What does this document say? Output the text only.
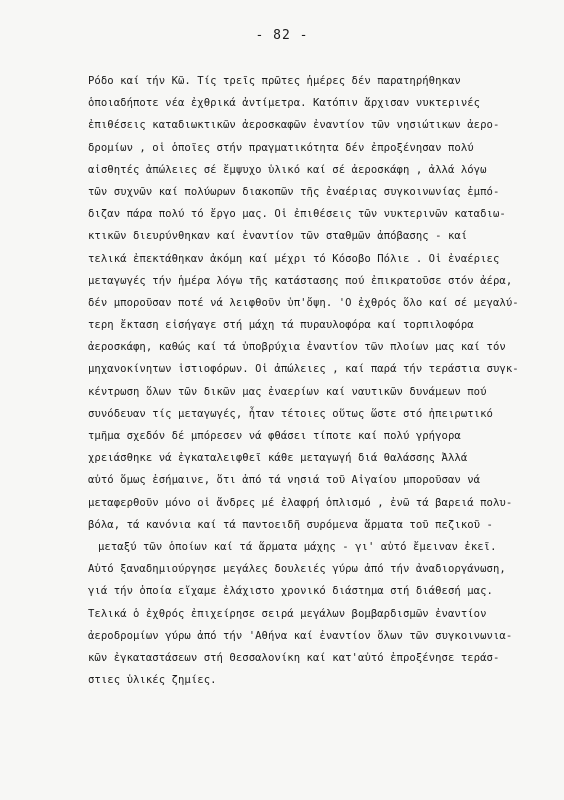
- 82 -
Ρόδο καί τήν Κῶ. Τίς τρεῖς πρῶτες ἡμέρες δέν παρατηρήθηκαν
ὁποιαδήποτε νέα ἐχθρικά ἀντίμετρα. Κατόπιν ἄρχισαν νυκτερινές
ἐπιθέσεις καταδιωκτικῶν ἀεροσκαφῶν ἐναντίον τῶν νησιώτικων ἀερο-
δρομίων , οἱ ὁποῖες στήν πραγματικότητα δέν ἐπροξένησαν πολύ
αἰσθητές ἀπώλειες σέ ἔμψυχο ὑλικό καί σέ ἀεροσκάφη , ἀλλά λόγω
τῶν συχνῶν καί πολύωρων διακοπῶν τῆς ἐναέριας συγκοινωνίας ἐμπό-
διζαν πάρα πολύ τό ἔργο μας. Οἱ ἐπιθέσεις τῶν νυκτερινῶν καταδιω-
κτικῶν διευρύνθηκαν καί ἐναντίον τῶν σταθμῶν ἀπόβασης - καί
τελικά ἐπεκτάθηκαν ἀκόμη καί μέχρι τό Κόσοβο Πόλιε . Οἱ ἐναέριες
μεταγωγές τήν ἡμέρα λόγω τῆς κατάστασης πού ἐπικρατοῦσε στόν ἀέρα,
δέν μποροῦσαν ποτέ νά λειφθοῦν ὑπ'ὄψη. 'Ο ἐχθρός ὅλο καί σέ μεγαλύ-
τερη ἔκταση εἰσήγαγε στή μάχη τά πυραυλοφόρα καί τορπιλοφόρα
ἀεροσκάφη, καθώς καί τά ὑποβρύχια ἐναντίον τῶν πλοίων μας καί τόν
μηχανοκίνητων ἱστιοφόρων. Οἱ ἀπώλειες , καί παρά τήν τεράστια συγκ-
κέντρωση ὅλων τῶν δικῶν μας ἐναερίων καί ναυτικῶν δυνάμεων πού
συνόδευαν τίς μεταγωγές, ἦταν τέτοιες οὕτως ὥστε στό ἠπειρωτικό
τμῆμα σχεδόν δέ μπόρεσεν νά φθάσει τίποτε καί πολύ γρήγορα
χρειάσθηκε νά ἐγκαταλειφθεῖ κάθε μεταγωγή διά θαλάσσης Ἀλλά
αὐτό ὅμως ἐσήμαινε, ὅτι ἀπό τά νησιά τοῦ Αἰγαίου μποροῦσαν νά
μεταφερθοῦν μόνο οἱ ἄνδρες μέ ἐλαφρή ὁπλισμό , ἐνῶ τά βαρειά πολυ-
βόλα, τά κανόνια καί τά παντοειδῆ συρόμενα ἅρματα τοῦ πεζικοῦ -
μεταξύ τῶν ὁποίων καί τά ἅρματα μάχης - γι' αὐτό ἔμειναν ἐκεῖ.
Αὐτό ξαναδημιούργησε μεγάλες δουλειές γύρω ἀπό τήν ἀναδιοργάνωση,
γιά τήν ὁποία εἴχαμε ἐλάχιστο χρονικό διάστημα στή διάθεσή μας.
Τελικά ὁ ἐχθρός ἐπιχείρησε σειρά μεγάλων βομβαρδισμῶν ἐναντίον
ἀεροδρομίων γύρω ἀπό τήν 'Αθήνα καί ἐναντίον ὅλων τῶν συγκοινωνια-
κῶν ἐγκαταστάσεων στή Θεσσαλονίκη καί κατ'αὐτό ἐπροξένησε τεράσ-
στιες ὑλικές ζημίες.
